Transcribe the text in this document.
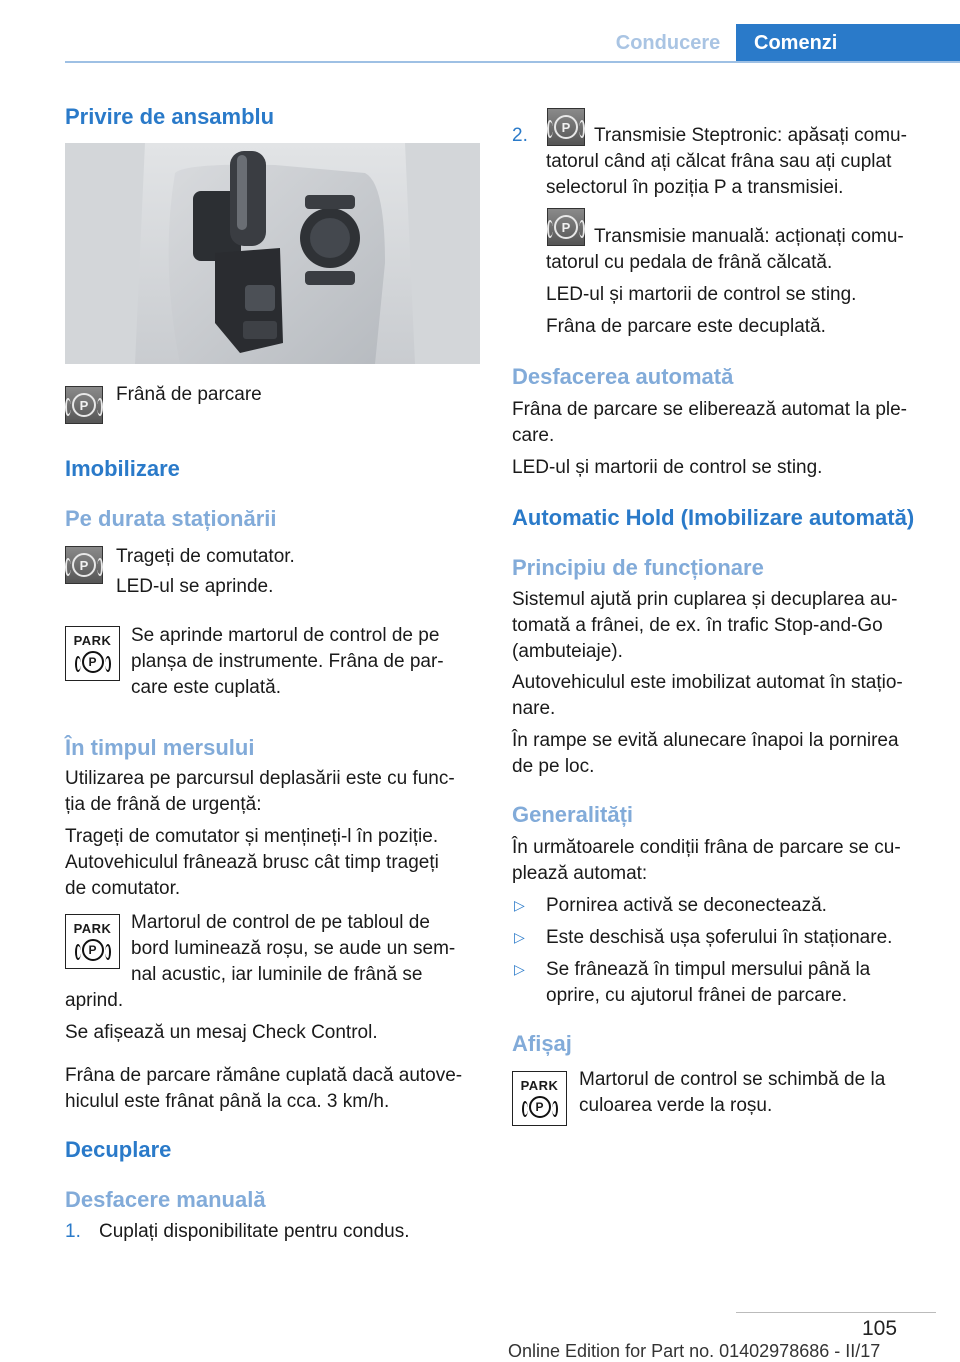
Conducere	Comenzi
Privire de ansamblu
P	Frână de parcare

Imobilizare
Pe durata staționării
P	Trageți de comutator.

LED-ul se aprinde.

PARK
P

Se aprinde martorul de control de pe

planșa de instrumente. Frâna de par-

care este cuplată.

În timpul mersului

Utilizarea pe parcursul deplasării este cu func-

ția de frână de urgență:

Trageți de comutator și mențineți-l în poziție.

Autovehiculul frânează brusc cât timp trageți

de comutator.

PARK
P

Martorul de control de pe tabloul de

bord luminează roșu, se aude un sem-

nal acustic, iar luminile de frână se

aprind.

Se afișează un mesaj Check Control.

Frâna de parcare rămâne cuplată dacă autove-

hiculul este frânat până la cca. 3 km/h.

Decuplare
Desfacere manuală

1. Cuplați disponibilitate pentru condus.

2.	P	Transmisie Steptronic: apăsați comu-

tatorul când ați călcat frâna sau ați cuplat

selectorul în poziția P a transmisiei.

P	Transmisie manuală: acționați comu-

tatorul cu pedala de frână călcată.

LED-ul și martorii de control se sting.

Frâna de parcare este decuplată.

Desfacerea automată

Frâna de parcare se eliberează automat la ple-

care.

LED-ul și martorii de control se sting.

Automatic Hold (Imobilizare automată)
Principiu de funcționare

Sistemul ajută prin cuplarea și decuplarea au-

tomată a frânei, de ex. în trafic Stop-and-Go

(ambuteiaje).

Autovehiculul este imobilizat automat în stațio-

nare.

În rampe se evită alunecare înapoi la pornirea

de pe loc.

Generalități

În următoarele condiții frâna de parcare se cu-

plează automat:

▷ Pornirea activă se deconectează.

▷ Este deschisă ușa șoferului în staționare.

▷ Se frânează în timpul mersului până la

oprire, cu ajutorul frânei de parcare.

Afișaj
PARK
P

Martorul de control se schimbă de la

culoarea verde la roșu.

105
Online Edition for Part no. 01402978686 - II/17
